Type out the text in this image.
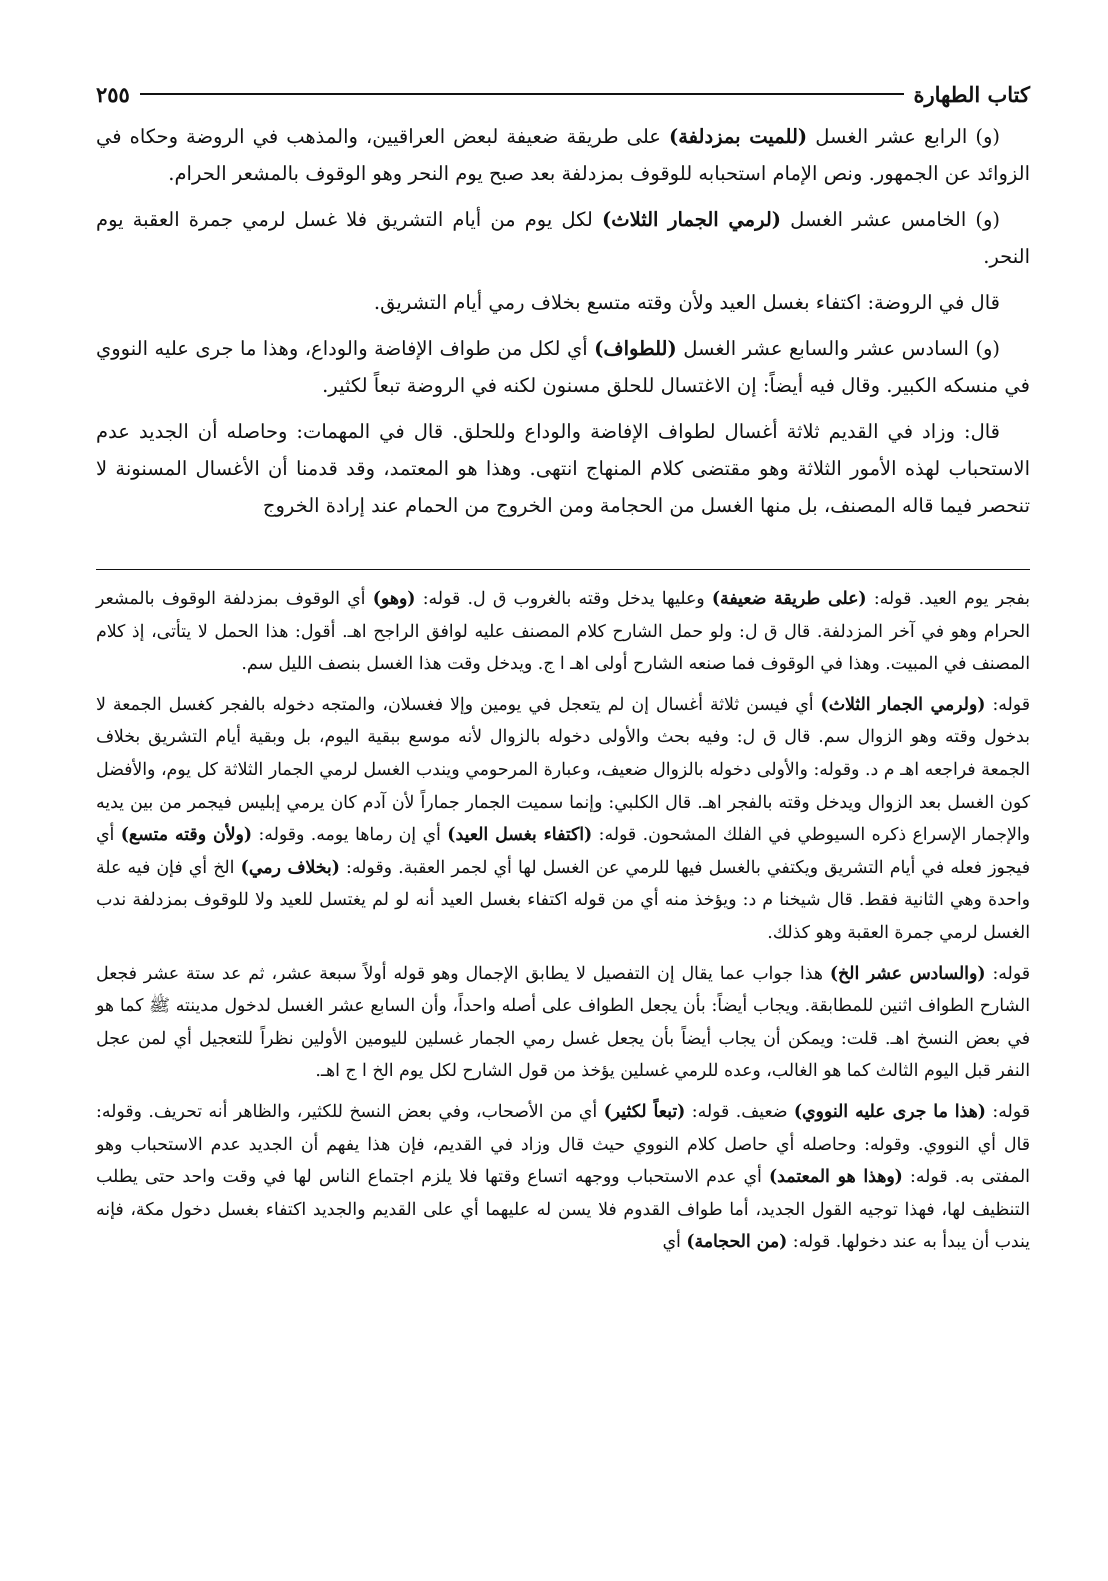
كتاب الطهارة
٢٥٥

(و) الرابع عشر الغسل (للميت بمزدلفة) على طريقة ضعيفة لبعض العراقيين، والمذهب في الروضة وحكاه في الزوائد عن الجمهور. ونص الإمام استحبابه للوقوف بمزدلفة بعد صبح يوم النحر وهو الوقوف بالمشعر الحرام.

(و) الخامس عشر الغسل (لرمي الجمار الثلاث) لكل يوم من أيام التشريق فلا غسل لرمي جمرة العقبة يوم النحر.

قال في الروضة: اكتفاء بغسل العيد ولأن وقته متسع بخلاف رمي أيام التشريق.

(و) السادس عشر والسابع عشر الغسل (للطواف) أي لكل من طواف الإفاضة والوداع، وهذا ما جرى عليه النووي في منسكه الكبير. وقال فيه أيضاً: إن الاغتسال للحلق مسنون لكنه في الروضة تبعاً لكثير.

قال: وزاد في القديم ثلاثة أغسال لطواف الإفاضة والوداع وللحلق. قال في المهمات: وحاصله أن الجديد عدم الاستحباب لهذه الأمور الثلاثة وهو مقتضى كلام المنهاج انتهى. وهذا هو المعتمد، وقد قدمنا أن الأغسال المسنونة لا تنحصر فيما قاله المصنف، بل منها الغسل من الحجامة ومن الخروج من الحمام عند إرادة الخروج

بفجر يوم العيد. قوله: (على طريقة ضعيفة) وعليها يدخل وقته بالغروب ق ل. قوله: (وهو) أي الوقوف بمزدلفة الوقوف بالمشعر الحرام وهو في آخر المزدلفة. قال ق ل: ولو حمل الشارح كلام المصنف عليه لوافق الراجح اهـ. أقول: هذا الحمل لا يتأتى، إذ كلام المصنف في المبيت. وهذا في الوقوف فما صنعه الشارح أولى اهـ ا ج. ويدخل وقت هذا الغسل بنصف الليل سم.

قوله: (ولرمي الجمار الثلاث) أي فيسن ثلاثة أغسال إن لم يتعجل في يومين وإلا فغسلان، والمتجه دخوله بالفجر كغسل الجمعة لا بدخول وقته وهو الزوال سم. قال ق ل: وفيه بحث والأولى دخوله بالزوال لأنه موسع ببقية اليوم، بل وبقية أيام التشريق بخلاف الجمعة فراجعه اهـ م د. وقوله: والأولى دخوله بالزوال ضعيف، وعبارة المرحومي ويندب الغسل لرمي الجمار الثلاثة كل يوم، والأفضل كون الغسل بعد الزوال ويدخل وقته بالفجر اهـ. قال الكلبي: وإنما سميت الجمار جماراً لأن آدم كان يرمي إبليس فيجمر من بين يديه والإجمار الإسراع ذكره السيوطي في الفلك المشحون. قوله: (اكتفاء بغسل العيد) أي إن رماها يومه. وقوله: (ولأن وقته متسع) أي فيجوز فعله في أيام التشريق ويكتفي بالغسل فيها للرمي عن الغسل لها أي لجمر العقبة. وقوله: (بخلاف رمي) الخ أي فإن فيه علة واحدة وهي الثانية فقط. قال شيخنا م د: ويؤخذ منه أي من قوله اكتفاء بغسل العيد أنه لو لم يغتسل للعيد ولا للوقوف بمزدلفة ندب الغسل لرمي جمرة العقبة وهو كذلك.

قوله: (والسادس عشر الخ) هذا جواب عما يقال إن التفصيل لا يطابق الإجمال وهو قوله أولاً سبعة عشر، ثم عد ستة عشر فجعل الشارح الطواف اثنين للمطابقة. ويجاب أيضاً: بأن يجعل الطواف على أصله واحداً، وأن السابع عشر الغسل لدخول مدينته ﷺ كما هو في بعض النسخ اهـ. قلت: ويمكن أن يجاب أيضاً بأن يجعل غسل رمي الجمار غسلين لليومين الأولين نظراً للتعجيل أي لمن عجل النفر قبل اليوم الثالث كما هو الغالب، وعده للرمي غسلين يؤخذ من قول الشارح لكل يوم الخ ا ج اهـ.

قوله: (هذا ما جرى عليه النووي) ضعيف. قوله: (تبعاً لكثير) أي من الأصحاب، وفي بعض النسخ للكثير، والظاهر أنه تحريف. وقوله: قال أي النووي. وقوله: وحاصله أي حاصل كلام النووي حيث قال وزاد في القديم، فإن هذا يفهم أن الجديد عدم الاستحباب وهو المفتى به. قوله: (وهذا هو المعتمد) أي عدم الاستحباب ووجهه اتساع وقتها فلا يلزم اجتماع الناس لها في وقت واحد حتى يطلب التنظيف لها، فهذا توجيه القول الجديد، أما طواف القدوم فلا يسن له عليهما أي على القديم والجديد اكتفاء بغسل دخول مكة، فإنه يندب أن يبدأ به عند دخولها. قوله: (من الحجامة) أي
